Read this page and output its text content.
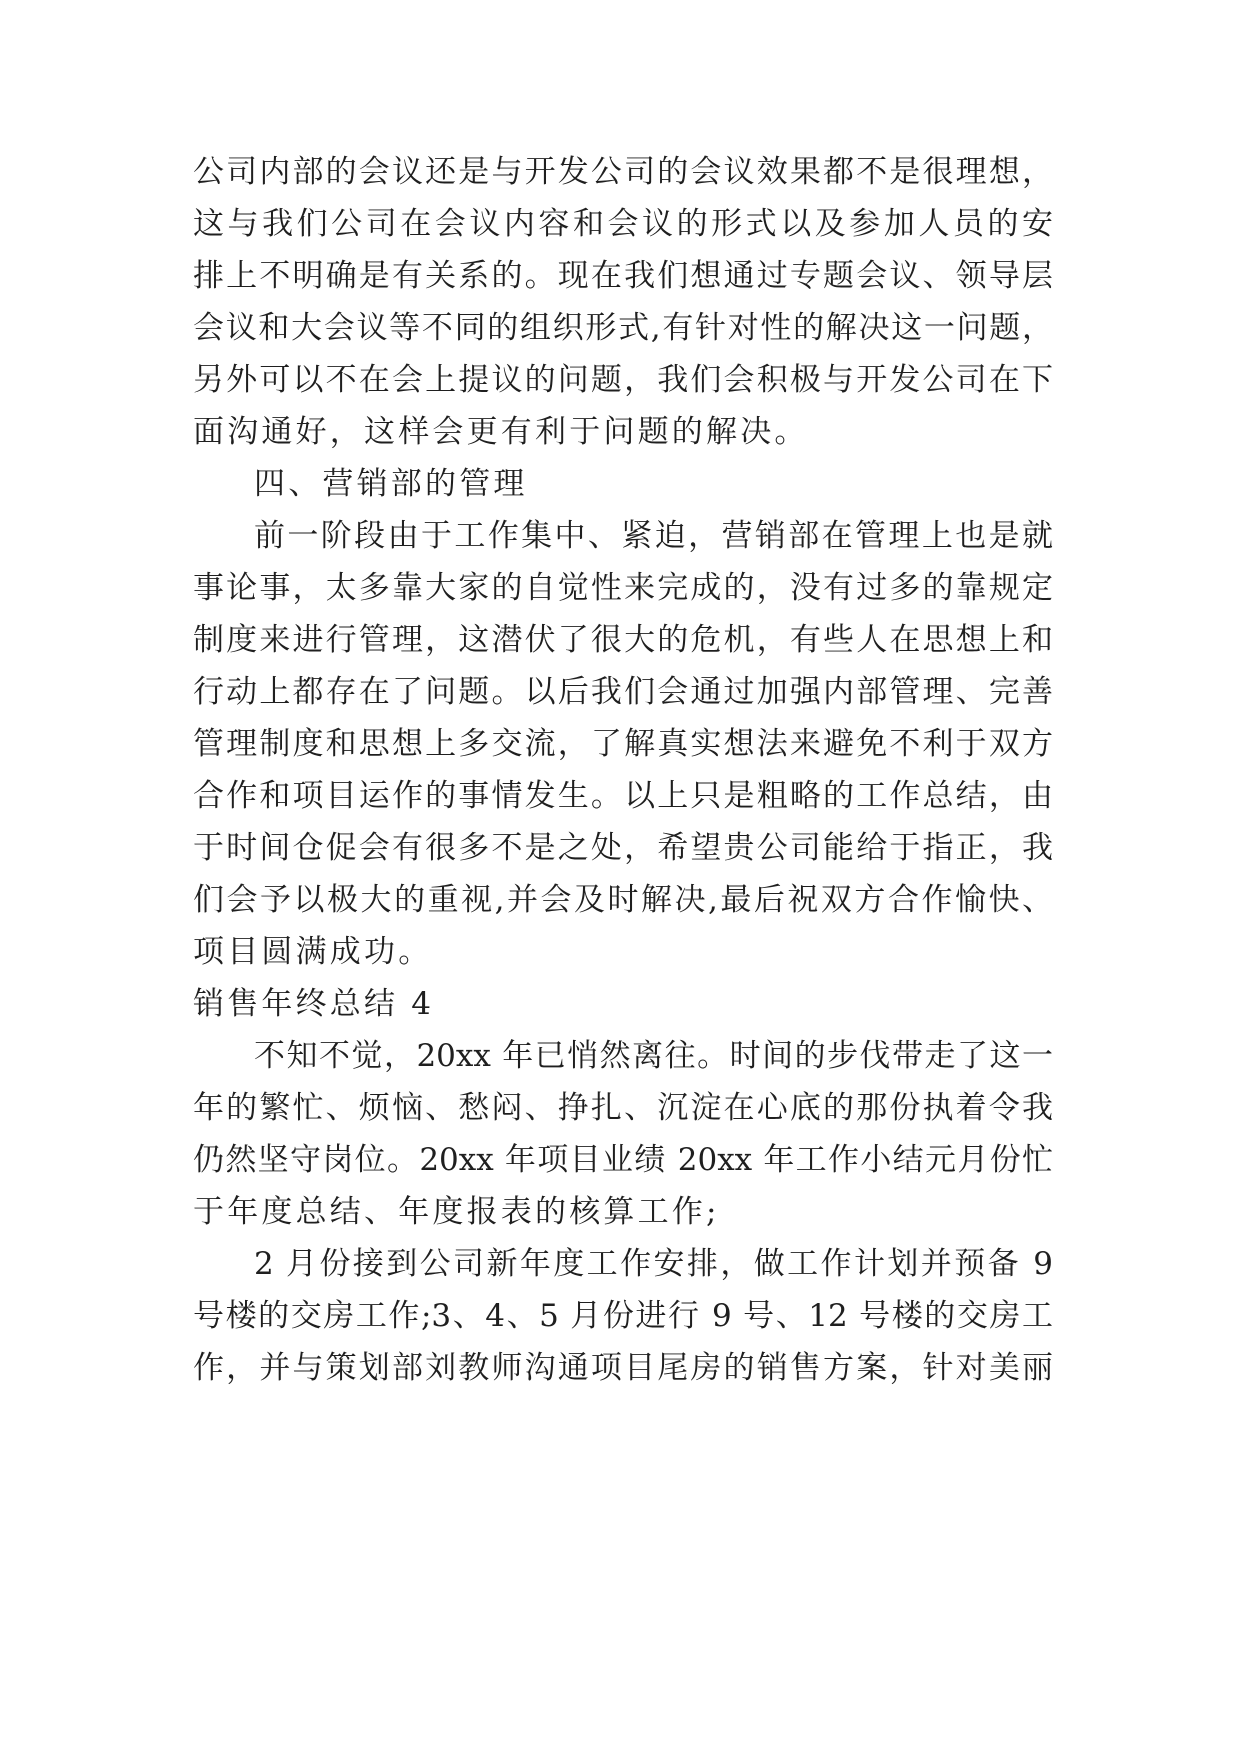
公司内部的会议还是与开发公司的会议效果都不是很理想，
这与我们公司在会议内容和会议的形式以及参加人员的安
排上不明确是有关系的。现在我们想通过专题会议、领导层
会议和大会议等不同的组织形式,有针对性的解决这一问题，
另外可以不在会上提议的问题，我们会积极与开发公司在下
面沟通好，这样会更有利于问题的解决。
四、营销部的管理
前一阶段由于工作集中、紧迫，营销部在管理上也是就
事论事，太多靠大家的自觉性来完成的，没有过多的靠规定
制度来进行管理，这潜伏了很大的危机，有些人在思想上和
行动上都存在了问题。以后我们会通过加强内部管理、完善
管理制度和思想上多交流，了解真实想法来避免不利于双方
合作和项目运作的事情发生。以上只是粗略的工作总结，由
于时间仓促会有很多不是之处，希望贵公司能给于指正，我
们会予以极大的重视,并会及时解决,最后祝双方合作愉快、
项目圆满成功。
销售年终总结 4
不知不觉，20xx 年已悄然离往。时间的步伐带走了这一
年的繁忙、烦恼、愁闷、挣扎、沉淀在心底的那份执着令我
仍然坚守岗位。20xx 年项目业绩 20xx 年工作小结元月份忙
于年度总结、年度报表的核算工作;
2 月份接到公司新年度工作安排，做工作计划并预备 9
号楼的交房工作;3、4、5 月份进行 9 号、12 号楼的交房工
作，并与策划部刘教师沟通项目尾房的销售方案，针对美丽
